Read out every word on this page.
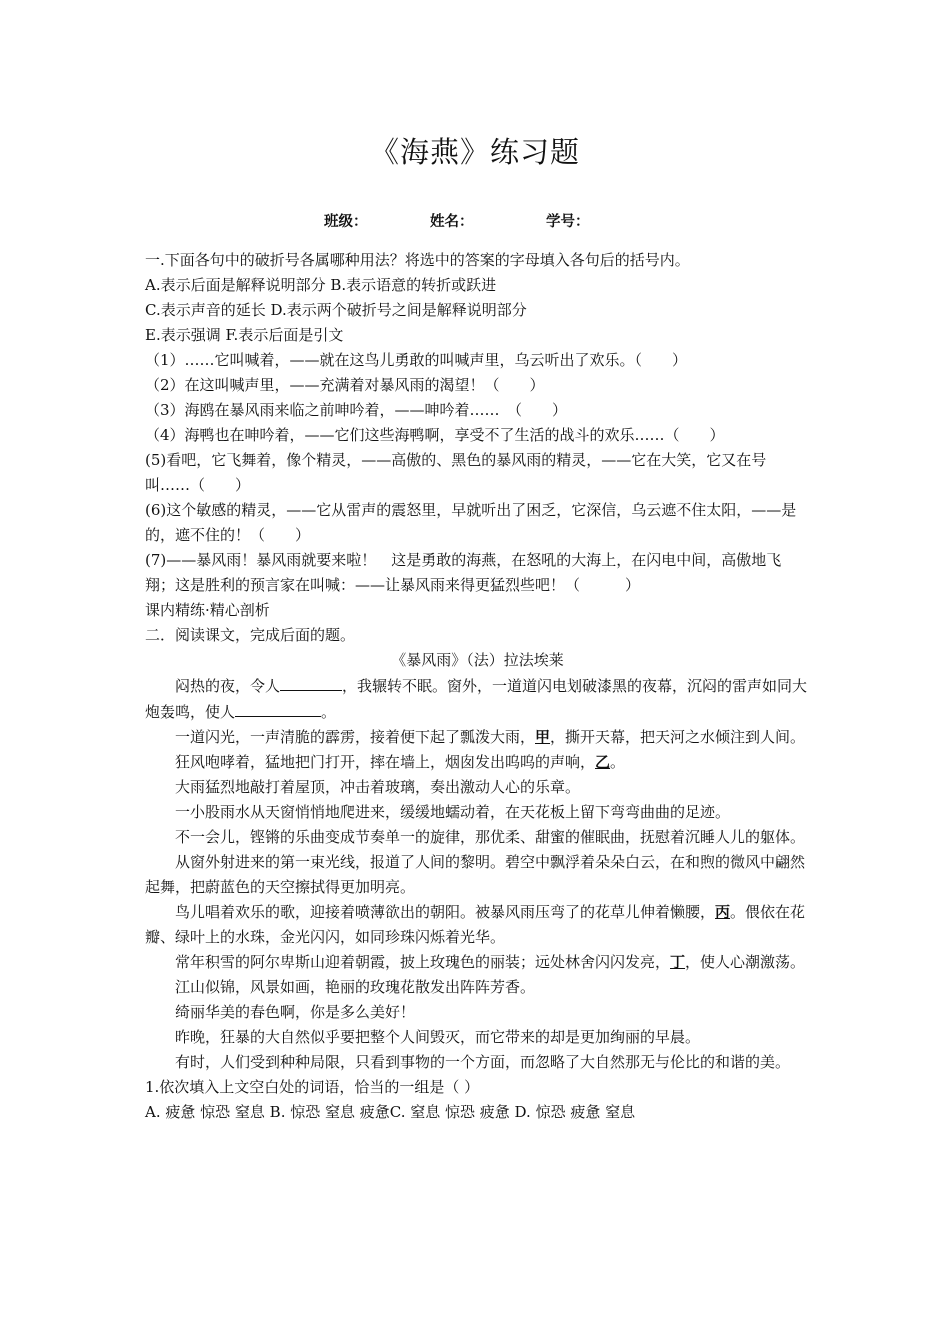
《海燕》练习题
班级：	姓名：	学号：
一.下面各句中的破折号各属哪种用法？将选中的答案的字母填入各句后的括号内。
A.表示后面是解释说明部分 B.表示语意的转折或跃进
C.表示声音的延长 D.表示两个破折号之间是解释说明部分
E.表示强调 F.表示后面是引文
（1）……它叫喊着，——就在这鸟儿勇敢的叫喊声里，乌云听出了欢乐。（　　）
（2）在这叫喊声里，——充满着对暴风雨的渴望！（　　）
（3）海鸥在暴风雨来临之前呻吟着，——呻吟着……　（　　）
（4）海鸭也在呻吟着，——它们这些海鸭啊，享受不了生活的战斗的欢乐……（　　）
(5)看吧，它飞舞着，像个精灵，——高傲的、黑色的暴风雨的精灵，——它在大笑，它又在号叫……（　　）
(6)这个敏感的精灵，——它从雷声的震怒里，早就听出了困乏，它深信，乌云遮不住太阳，——是的，遮不住的！（　　）
(7)——暴风雨！暴风雨就要来啦！　这是勇敢的海燕，在怒吼的大海上，在闪电中间，高傲地飞翔；这是胜利的预言家在叫喊：——让暴风雨来得更猛烈些吧！（　　　）
课内精练·精心剖析
二．阅读课文，完成后面的题。
《暴风雨》（法）拉法埃莱
闷热的夜，令人	，我辗转不眠。窗外，一道道闪电划破漆黑的夜幕，沉闷的雷声如同大炮轰鸣，使人	。
一道闪光，一声清脆的霹雳，接着便下起了瓢泼大雨，甲，撕开天幕，把天河之水倾注到人间。
狂风咆哮着，猛地把门打开，摔在墙上，烟囱发出呜呜的声响，乙。
大雨猛烈地敲打着屋顶，冲击着玻璃，奏出激动人心的乐章。
一小股雨水从天窗悄悄地爬进来，缓缓地蠕动着，在天花板上留下弯弯曲曲的足迹。
不一会儿，铿锵的乐曲变成节奏单一的旋律，那优柔、甜蜜的催眠曲，抚慰着沉睡人儿的躯体。
从窗外射进来的第一束光线，报道了人间的黎明。碧空中飘浮着朵朵白云，在和煦的微风中翩然起舞，把蔚蓝色的天空擦拭得更加明亮。
鸟儿唱着欢乐的歌，迎接着喷薄欲出的朝阳。被暴风雨压弯了的花草儿伸着懒腰，丙。偎依在花瓣、绿叶上的水珠，金光闪闪，如同珍珠闪烁着光华。
常年积雪的阿尔卑斯山迎着朝霞，披上玫瑰色的丽装；远处林舍闪闪发亮，丁，使人心潮激荡。
江山似锦，风景如画，艳丽的玫瑰花散发出阵阵芳香。
绮丽华美的春色啊，你是多么美好！
昨晚，狂暴的大自然似乎要把整个人间毁灭，而它带来的却是更加绚丽的早晨。
有时，人们受到种种局限，只看到事物的一个方面，而忽略了大自然那无与伦比的和谐的美。
1.依次填入上文空白处的词语，恰当的一组是（ ）
A. 疲惫 惊恐 窒息 B. 惊恐 窒息 疲惫C. 窒息 惊恐 疲惫 D. 惊恐 疲惫 窒息
